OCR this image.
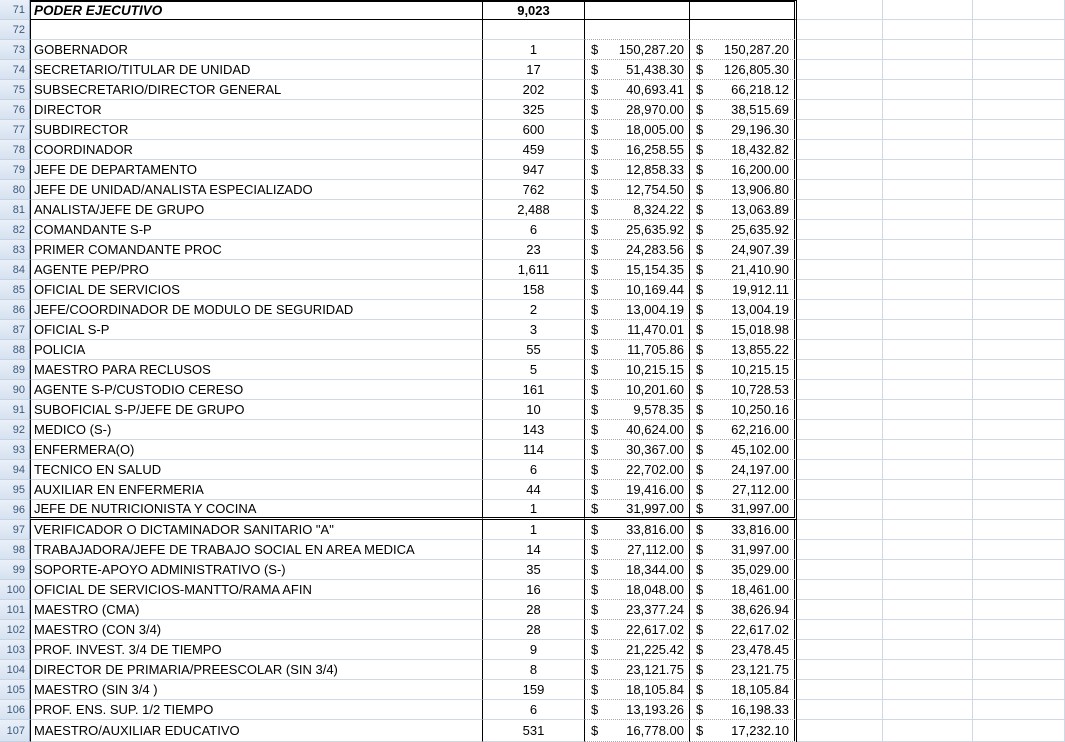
71 PODER EJECUTIVO	9,023
72
73 GOBERNADOR	1	$ 150,287.20 $ 150,287.20
74 SECRETARIO/TITULAR DE UNIDAD	17	$ 51,438.30 $ 126,805.30
75 SUBSECRETARIO/DIRECTOR GENERAL	202	$ 40,693.41 $ 66,218.12
76 DIRECTOR	325	$ 28,970.00 $ 38,515.69
77 SUBDIRECTOR	600	$ 18,005.00 $ 29,196.30
78 COORDINADOR	459	$ 16,258.55 $ 18,432.82
79 JEFE DE DEPARTAMENTO	947	$ 12,858.33 $ 16,200.00
80 JEFE DE UNIDAD/ANALISTA ESPECIALIZADO	762	$ 12,754.50 $ 13,906.80
81 ANALISTA/JEFE DE GRUPO	2,488	$	8,324.22 $ 13,063.89
82 COMANDANTE S-P	6	$ 25,635.92 $ 25,635.92
83 PRIMER COMANDANTE PROC	23	$ 24,283.56 $ 24,907.39
84 AGENTE PEP/PRO	1,611	$ 15,154.35 $ 21,410.90
85 OFICIAL DE SERVICIOS	158	$ 10,169.44 $ 19,912.11
86 JEFE/COORDINADOR DE MODULO DE SEGURIDAD	2	$ 13,004.19 $ 13,004.19
87 OFICIAL S-P	3	$ 11,470.01 $ 15,018.98
88 POLICIA	55	$ 11,705.86 $ 13,855.22
89 MAESTRO PARA RECLUSOS	5	$ 10,215.15 $ 10,215.15
90 AGENTE S-P/CUSTODIO CERESO	161	$ 10,201.60 $ 10,728.53
91 SUBOFICIAL S-P/JEFE DE GRUPO	10	$	9,578.35 $ 10,250.16
92 MEDICO (S-)	143	$ 40,624.00 $ 62,216.00
93 ENFERMERA(O)	114	$ 30,367.00 $ 45,102.00
94 TECNICO EN SALUD	6	$ 22,702.00 $ 24,197.00
95 AUXILIAR EN ENFERMERIA	44	$ 19,416.00 $ 27,112.00
96 JEFE DE NUTRICIONISTA Y COCINA	1	$ 31,997.00 $ 31,997.00
97 VERIFICADOR O DICTAMINADOR SANITARIO "A"	1	$ 33,816.00 $ 33,816.00
98 TRABAJADORA/JEFE DE TRABAJO SOCIAL EN AREA MEDICA	14	$ 27,112.00 $ 31,997.00
99 SOPORTE-APOYO ADMINISTRATIVO (S-)	35	$ 18,344.00 $ 35,029.00
100 OFICIAL DE SERVICIOS-MANTTO/RAMA AFIN	16	$ 18,048.00 $ 18,461.00
101 MAESTRO (CMA)	28	$ 23,377.24 $ 38,626.94
102 MAESTRO (CON 3/4)	28	$ 22,617.02 $ 22,617.02
103 PROF. INVEST. 3/4 DE TIEMPO	9	$ 21,225.42 $ 23,478.45
104 DIRECTOR DE PRIMARIA/PREESCOLAR (SIN 3/4)	8	$ 23,121.75 $ 23,121.75
105 MAESTRO (SIN 3/4 )	159	$ 18,105.84 $ 18,105.84
106 PROF. ENS. SUP. 1/2 TIEMPO	6	$ 13,193.26 $ 16,198.33
107 MAESTRO/AUXILIAR EDUCATIVO	531	$ 16,778.00 $ 17,232.10
